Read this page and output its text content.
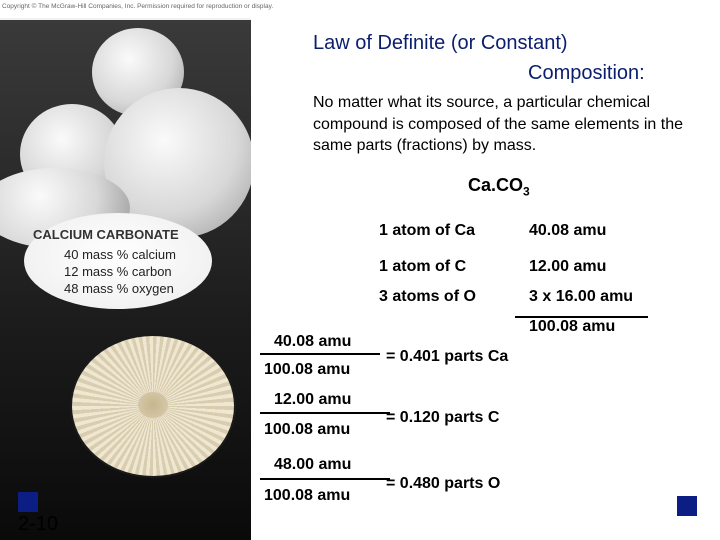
Copyright © The McGraw-Hill Companies, Inc. Permission required for reproduction or display.
CALCIUM CARBONATE
40 mass % calcium
12 mass % carbon
48 mass % oxygen
Law of Definite (or Constant)
Composition:
No matter what its source, a particular chemical compound is composed of the same elements in the same parts (fractions) by mass.
$Ca.CO_3$
1 atom of Ca	40.08 amu
1 atom of C	12.00 amu
3 atoms of O	3 x 16.00 amu
100.08 amu
40.08 amu
100.08 amu
= 0.401 parts Ca
12.00 amu
100.08 amu
= 0.120 parts C
48.00 amu
100.08 amu
= 0.480 parts O
2-10
